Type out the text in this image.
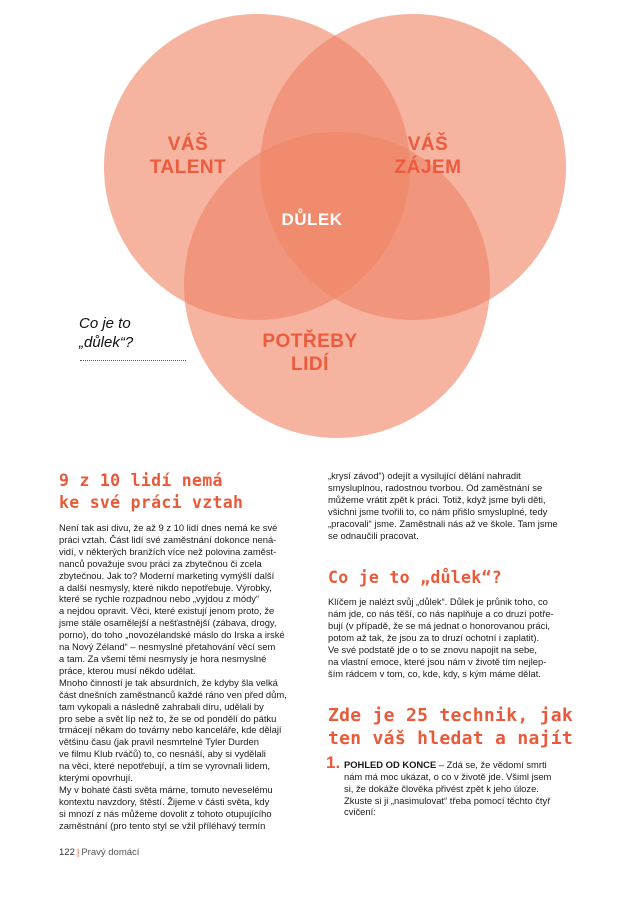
VÁŠ
TALENT
VÁŠ
ZÁJEM
POTŘEBY
LIDÍ
DŮLEK
Co je to
„důlek“?

9 z 10 lidí nemá

ke své práci vztah

Není tak asi divu, že až 9 z 10 lidí dnes nemá ke své

práci vztah. Část lidí své zaměstnání dokonce nená-

vidí, v některých branžích více než polovina zaměst-

nanců považuje svou práci za zbytečnou či zcela

zbytečnou. Jak to? Moderní marketing vymýšlí další

a další nesmysly, které nikdo nepotřebuje. Výrobky,

které se rychle rozpadnou nebo „vyjdou z módy“

a nejdou opravit. Věci, které existují jenom proto, že

jsme stále osamělejší a nešťastnější (zábava, drogy,

porno), do toho „novozélandské máslo do Irska a irské

na Nový Zéland“ – nesmyslné přetahování věcí sem

a tam. Za všemi těmi nesmysly je hora nesmyslné

práce, kterou musí někdo udělat.

Mnoho činností je tak absurdních, že kdyby šla velká

část dnešních zaměstnanců každé ráno ven před dům,

tam vykopali a následně zahrabali díru, udělali by

pro sebe a svět líp než to, že se od pondělí do pátku

trmácejí někam do továrny nebo kanceláře, kde dělají

většinu času (jak pravil nesmrtelné Tyler Durden

ve filmu Klub rváčů) to, co nesnáší, aby si vydělali

na věci, které nepotřebují, a tím se vyrovnali lidem,

kterými opovrhují.

My v bohaté části světa máme, tomuto neveselému

kontextu navzdory, štěstí. Žijeme v části světa, kdy

si mnozí z nás můžeme dovolit z tohoto otupujícího

zaměstnání (pro tento styl se vžil příléhavý termín

„krysí závod“) odejít a vysilující dělání nahradit

smysluplnou, radostnou tvorbou. Od zaměstnání se

můžeme vrátit zpět k práci. Totiž, když jsme byli děti,

všichni jsme tvořili to, co nám přišlo smysluplné, tedy

„pracovali“ jsme. Zaměstnali nás až ve škole. Tam jsme

se odnaučili pracovat.

Co je to „důlek“?

Klíčem je nalézt svůj „důlek“. Důlek je průnik toho, co

nám jde, co nás těší, co nás naplňuje a co druzí potře-

bují (v případě, že se má jednat o honorovanou práci,

potom až tak, že jsou za to druzí ochotní i zaplatit).

Ve své podstatě jde o to se znovu napojit na sebe,

na vlastní emoce, které jsou nám v životě tím nejlep-

ším rádcem v tom, co, kde, kdy, s kým máme dělat.

Zde je 25 technik, jak

ten váš hledat a najít

1. POHLED OD KONCE – Zdá se, že vědomí smrti

nám má moc ukázat, o co v životě jde. Všiml jsem

si, že dokáže člověka přivést zpět k jeho úloze.

Zkuste si ji „nasimulovat“ třeba pomocí těchto čtyř

cvičení:

122 | Pravý domácí
